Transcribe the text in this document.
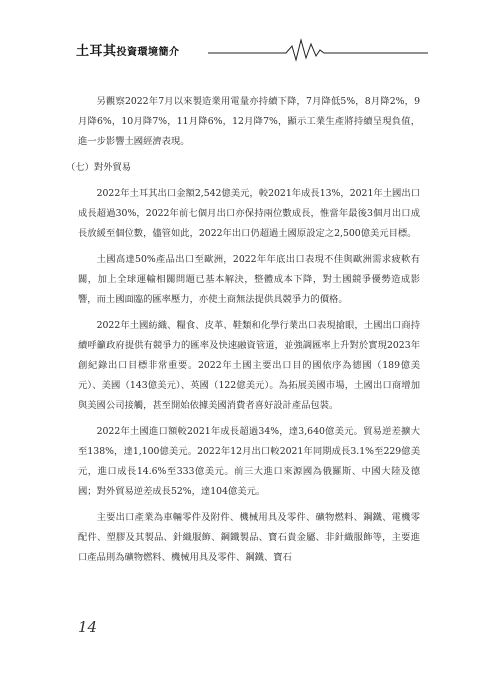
土耳其投資環境簡介

另觀察2022年7月以來製造業用電量亦持續下降，7月降低5%，8月降2%，9月降6%，10月降7%，11月降6%，12月降7%，顯示工業生產將持續呈現負值，進一步影響土國經濟表現。

（七）對外貿易

2022年土耳其出口金額2,542億美元，較2021年成長13%，2021年土國出口成長超過30%，2022年前七個月出口亦保持兩位數成長，惟當年最後3個月出口成長放緩至個位數，儘管如此，2022年出口仍超過土國原設定之2,500億美元目標。

土國高達50%產品出口至歐洲，2022年年底出口表現不佳與歐洲需求疲軟有關，加上全球運輸相關問題已基本解決，整體成本下降，對土國競爭優勢造成影響，而土國面臨的匯率壓力，亦使土商無法提供具競爭力的價格。

2022年土國紡織、糧食、皮革、鞋類和化學行業出口表現搶眼，土國出口商持續呼籲政府提供有競爭力的匯率及快速融資管道，並強調匯率上升對於實現2023年創紀錄出口目標非常重要。2022年土國主要出口目的國依序為德國（189億美元）、美國（143億美元）、英國（122億美元）。為拓展美國市場，土國出口商增加與美國公司接觸，甚至開始依據美國消費者喜好設計產品包裝。

2022年土國進口額較2021年成長超過34%，達3,640億美元。貿易逆差擴大至138%，達1,100億美元。2022年12月出口較2021年同期成長3.1%至229億美元，進口成長14.6%至333億美元。前三大進口來源國為俄羅斯、中國大陸及德國；對外貿易逆差成長52%，達104億美元。

主要出口產業為車輛零件及附件、機械用具及零件、礦物燃料、鋼鐵、電機零配件、塑膠及其製品、針織服飾、鋼鐵製品、寶石貴金屬、非針織服飾等，主要進口產品則為礦物燃料、機械用具及零件、鋼鐵、寶石

14
